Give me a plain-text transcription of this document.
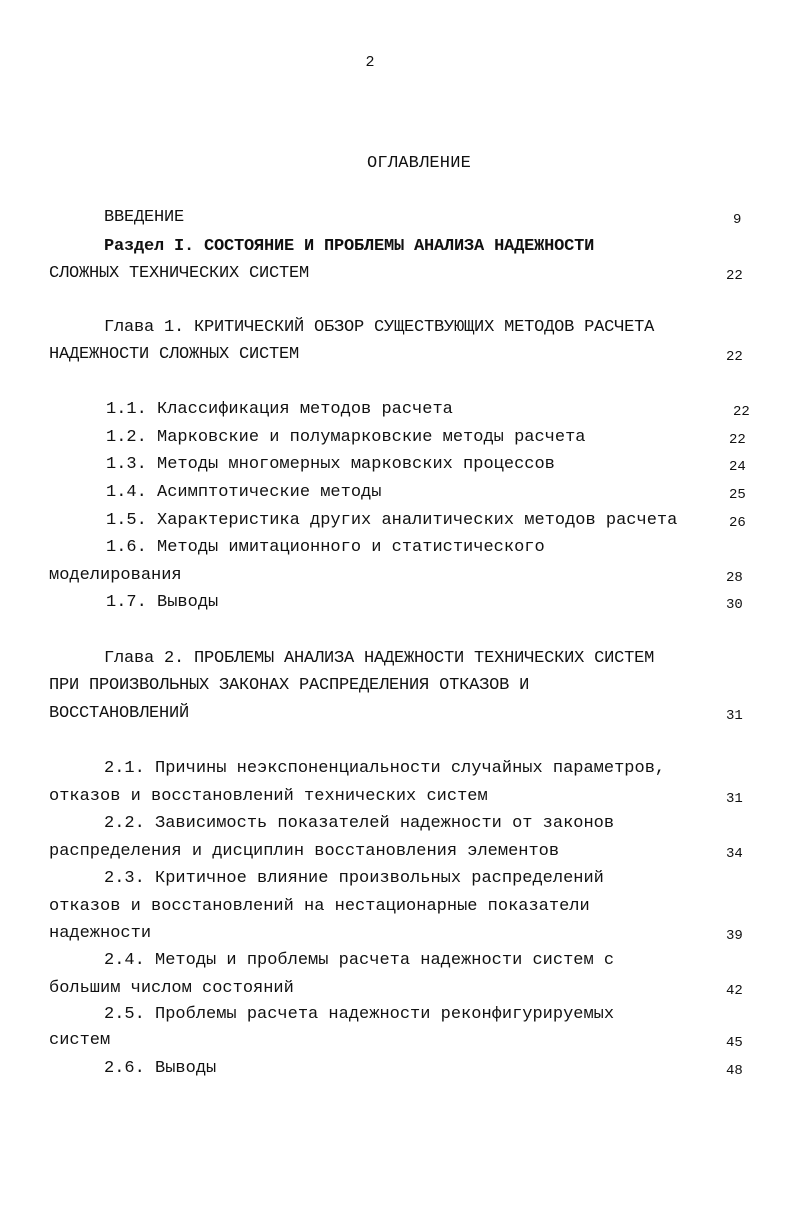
2
ОГЛАВЛЕНИЕ
ВВЕДЕНИЕ	9
Раздел I. СОСТОЯНИЕ И ПРОБЛЕМЫ АНАЛИЗА НАДЕЖНОСТИ
СЛОЖНЫХ ТЕХНИЧЕСКИХ СИСТЕМ	22
Глава 1. КРИТИЧЕСКИЙ ОБЗОР СУЩЕСТВУЮЩИХ МЕТОДОВ РАСЧЕТА
НАДЕЖНОСТИ СЛОЖНЫХ СИСТЕМ	22
1.1. Классификация методов расчета	22
1.2. Марковские и полумарковские методы расчета	22
1.3. Методы многомерных марковских процессов	24
1.4. Асимптотические методы	25
1.5. Характеристика других аналитических методов расчета	26
1.6. Методы имитационного и статистического
моделирования	28
1.7. Выводы	30
Глава 2. ПРОБЛЕМЫ АНАЛИЗА НАДЕЖНОСТИ ТЕХНИЧЕСКИХ СИСТЕМ
ПРИ ПРОИЗВОЛЬНЫХ ЗАКОНАХ РАСПРЕДЕЛЕНИЯ ОТКАЗОВ И
ВОССТАНОВЛЕНИЙ	31
2.1. Причины неэкспоненциальности случайных параметров,
отказов и восстановлений технических систем	31
2.2. Зависимость показателей надежности от законов
распределения и дисциплин восстановления элементов	34
2.3. Критичное влияние произвольных распределений
отказов и восстановлений на нестационарные показатели
надежности	39
2.4. Методы и проблемы расчета надежности систем с
большим числом состояний	42
2.5. Проблемы расчета надежности реконфигурируемых
систем	45
2.6. Выводы	48
